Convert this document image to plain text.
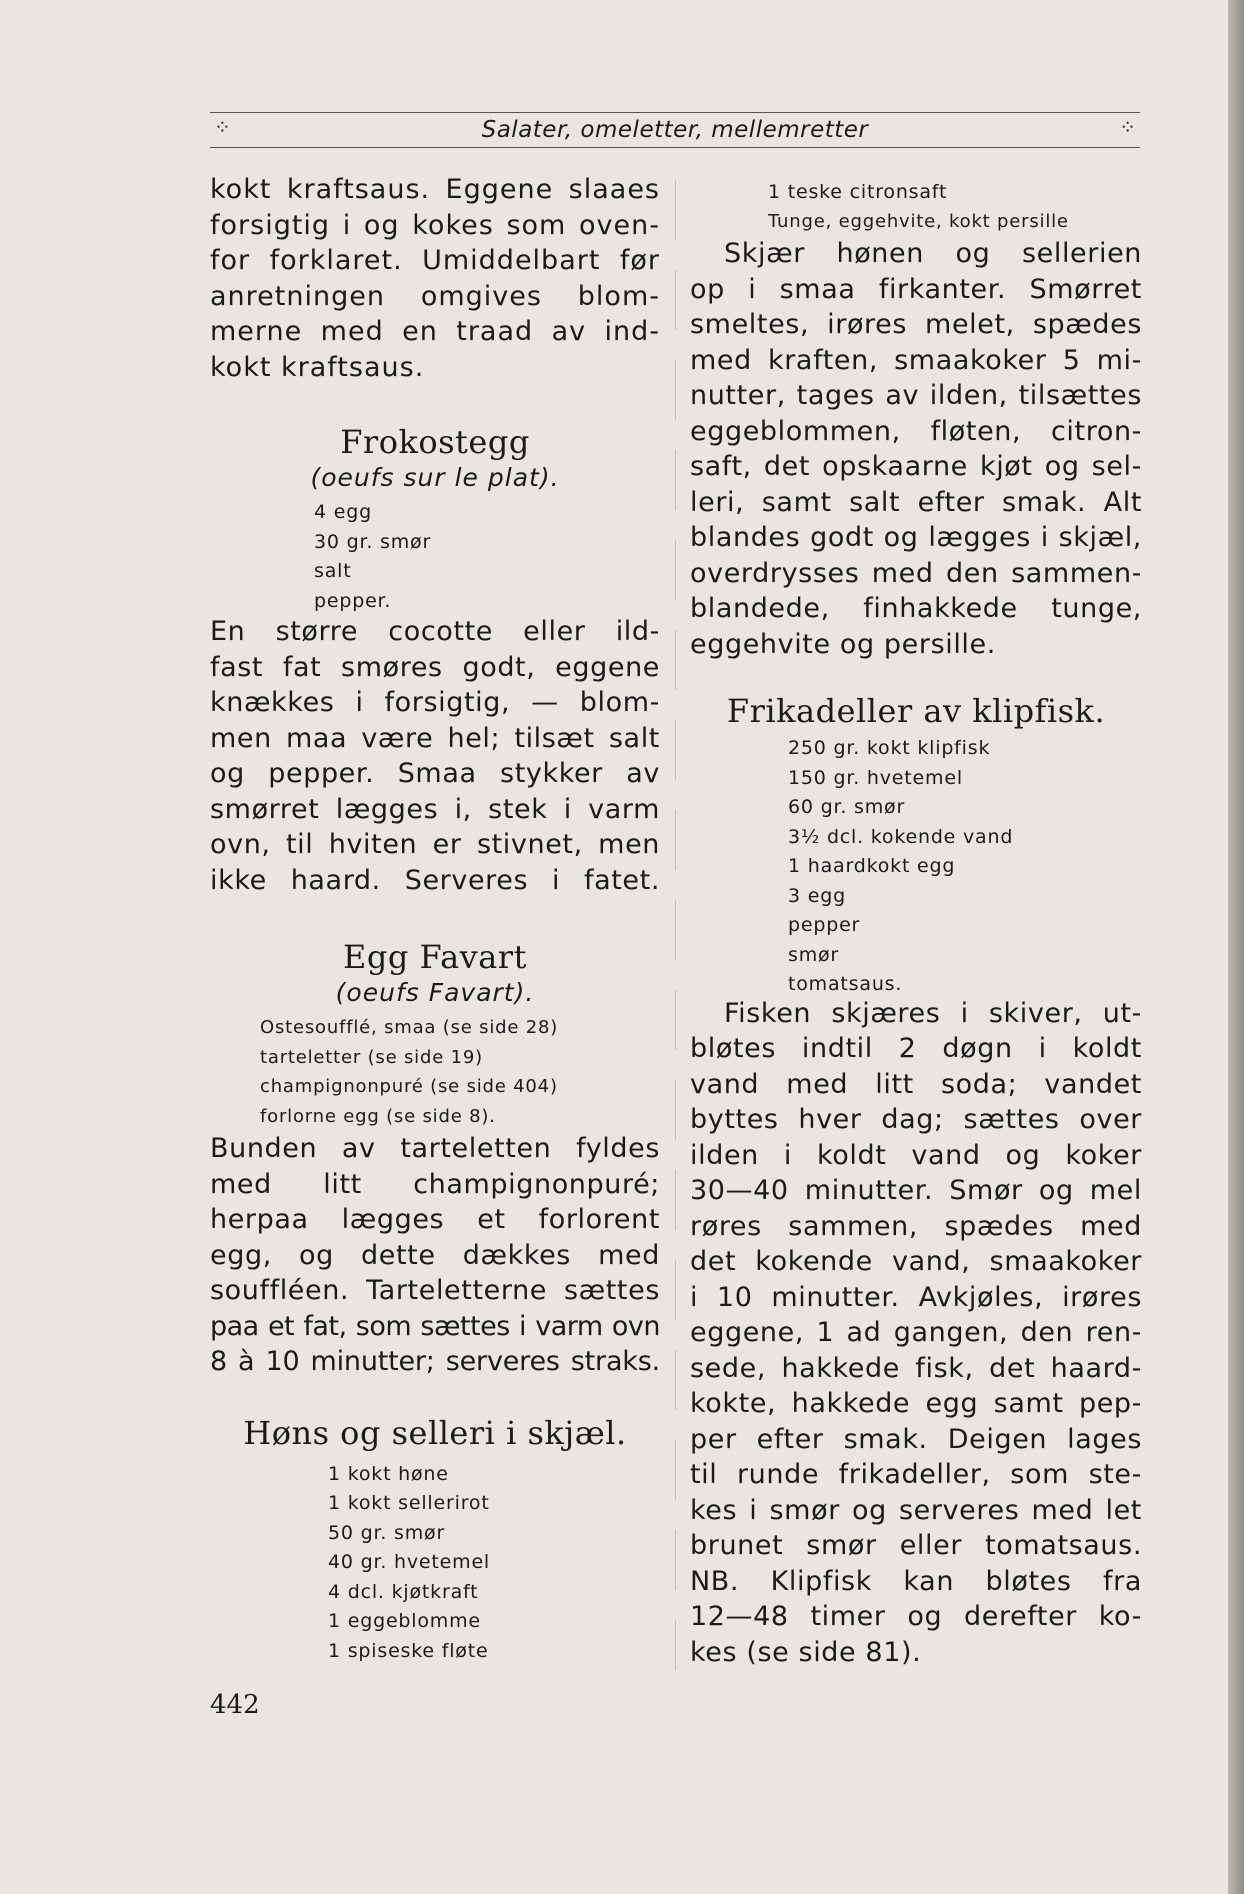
⁘	Salater, omeletter, mellemretter	⁘

kokt kraftsaus. Eggene slaaes
forsigtig i og kokes som oven-
for forklaret. Umiddelbart før
anretningen omgives blom-
merne med en traad av ind-
kokt kraftsaus.

Frokostegg

(oeufs sur le plat).

4 egg
30 gr. smør
salt
pepper.

En større cocotte eller ild-
fast fat smøres godt, eggene
knækkes i forsigtig, — blom-
men maa være hel; tilsæt salt
og pepper. Smaa stykker av
smørret lægges i, stek i varm
ovn, til hviten er stivnet, men
ikke haard. Serveres i fatet.

Egg Favart

(oeufs Favart).

Ostesoufflé, smaa (se side 28)
tarteletter (se side 19)
champignonpuré (se side 404)
forlorne egg (se side 8).

Bunden av tarteletten fyldes
med litt champignonpuré;
herpaa lægges et forlorent
egg, og dette dækkes med
souffléen. Tarteletterne sættes
paa et fat, som sættes i varm ovn
8 à 10 minutter; serveres straks.

Høns og selleri i skjæl.
1 kokt høne
1 kokt sellerirot
50 gr. smør
40 gr. hvetemel
4 dcl. kjøtkraft
1 eggeblomme
1 spiseske fløte
1 teske citronsaft
Tunge, eggehvite, kokt persille

Skjær hønen og sellerien
op i smaa firkanter. Smørret
smeltes, irøres melet, spædes
med kraften, smaakoker 5 mi-
nutter, tages av ilden, tilsættes
eggeblommen, fløten, citron-
saft, det opskaarne kjøt og sel-
leri, samt salt efter smak. Alt
blandes godt og lægges i skjæl,
overdrysses med den sammen-
blandede, finhakkede tunge,
eggehvite og persille.

Frikadeller av klipfisk.
250 gr. kokt klipfisk
150 gr. hvetemel
60 gr. smør
3½ dcl. kokende vand
1 haardkokt egg
3 egg
pepper
smør
tomatsaus.

Fisken skjæres i skiver, ut-
bløtes indtil 2 døgn i koldt
vand med litt soda; vandet
byttes hver dag; sættes over
ilden i koldt vand og koker
30—40 minutter. Smør og mel
røres sammen, spædes med
det kokende vand, smaakoker
i 10 minutter. Avkjøles, irøres
eggene, 1 ad gangen, den ren-
sede, hakkede fisk, det haard-
kokte, hakkede egg samt pep-
per efter smak. Deigen lages
til runde frikadeller, som ste-
kes i smør og serveres med let
brunet smør eller tomatsaus.
NB. Klipfisk kan bløtes fra
12—48 timer og derefter ko-
kes (se side 81).

442
